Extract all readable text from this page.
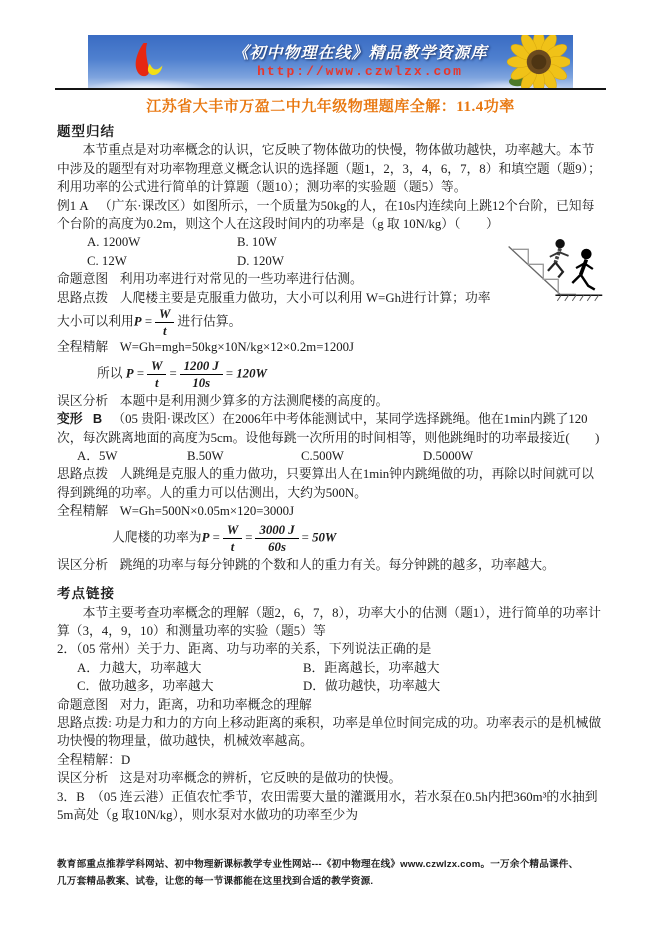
《初中物理在线》精品教学资源库
http://www.czwlzx.com
江苏省大丰市万盈二中九年级物理题库全解：11.4功率
题型归结
本节重点是对功率概念的认识，它反映了物体做功的快慢，物体做功越快，功率越大。本节中涉及的题型有对功率物理意义概念认识的选择题（题1，2，3，4，6，7，8）和填空题（题9）；利用功率的公式进行简单的计算题（题10）；测功率的实验题（题5）等。
例1 A （广东·课改区）如图所示，一个质量为50kg的人，在10s内连续向上跳12个台阶，已知每个台阶的高度为0.2m，则这个人在这段时间内的功率是（g 取 10N/kg）（　　）
A. 1200W	B. 10W
C. 12W	D. 120W
命题意图 利用功率进行对常见的一些功率进行估测。
思路点拨 人爬楼主要是克服重力做功，大小可以利用 W=Gh进行计算；功率大小可以利用$P = \frac{W}{t}$ 进行估算。
全程精解 W=Gh=mgh=50kg×10N/kg×12×0.2m=1200J
所以 $P = \frac{W}{t} = \frac{1200 J}{10s} = 120W$
误区分析 本题中是利用测少算多的方法测爬楼的高度的。
变形 B （05 贵阳·课改区）在2006年中考体能测试中，某同学选择跳绳。他在1min内跳了120次，每次跳离地面的高度为5cm。设他每跳一次所用的时间相等，则他跳绳时的功率最接近(　　)
A．5W	B.50W	C.500W	D.5000W
思路点拨 人跳绳是克服人的重力做功，只要算出人在1min钟内跳绳做的功，再除以时间就可以得到跳绳的功率。人的重力可以估测出，大约为500N。
全程精解 W=Gh=500N×0.05m×120=3000J
人爬楼的功率为$P = \frac{W}{t} = \frac{3000 J}{60s} = 50W$
误区分析 跳绳的功率与每分钟跳的个数和人的重力有关。每分钟跳的越多，功率越大。
考点链接
本节主要考查功率概念的理解（题2，6，7，8），功率大小的估测（题1），进行简单的功率计算（3，4，9，10）和测量功率的实验（题5）等
2．（05 常州）关于力、距离、功与功率的关系，下列说法正确的是
A．力越大，功率越大	B．距离越长，功率越大
C．做功越多，功率越大	D．做功越快，功率越大
命题意图 对力，距离，功和功率概念的理解
思路点拨: 功是力和力的方向上移动距离的乘积，功率是单位时间完成的功。功率表示的是机械做功快慢的物理量，做功越快，机械效率越高。
全程精解：D
误区分析 这是对功率概念的辨析，它反映的是做功的快慢。
3．B　（05 连云港）正值农忙季节，农田需要大量的灌溉用水，若水泵在0.5h内把360m³的水抽到5m高处（g 取10N/kg），则水泵对水做功的功率至少为
教育部重点推荐学科网站、初中物理新课标教学专业性网站---《初中物理在线》www.czwlzx.com。一万余个精品课件、
几万套精品教案、试卷，让您的每一节课都能在这里找到合适的教学资源.
